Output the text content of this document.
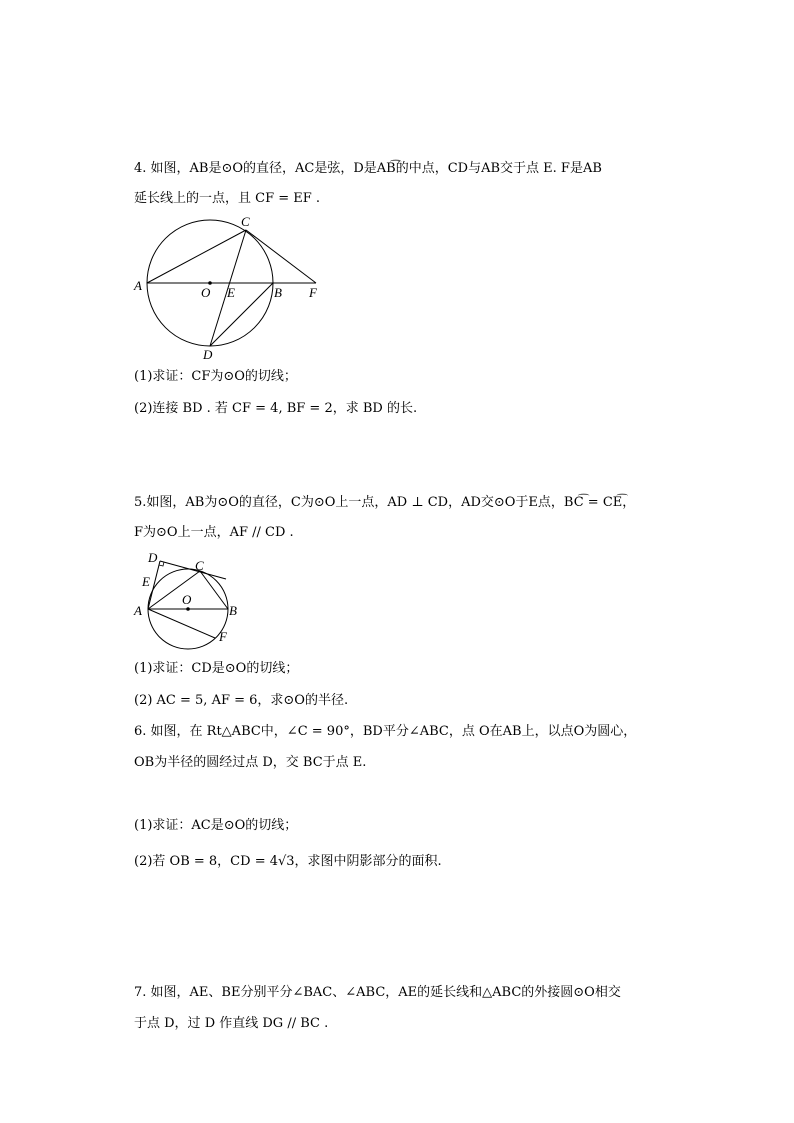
4. 如图，AB是⊙O的直径，AC是弦，D是AB͡的中点，CD与AB交于点 E. F是AB
延长线上的一点，且 CF = EF .
C
A	O E	B F
D
(1)求证：CF为⊙O的切线；
(2)连接 BD . 若 CF = 4, BF = 2，求 BD 的长.
5.如图，AB为⊙O的直径，C为⊙O上一点，AD ⊥ CD，AD交⊙O于E点，BC͡ = CE͡，
F为⊙O上一点，AF // CD .
D
C
E
O
A	B
F
(1)求证：CD是⊙O的切线；
(2) AC = 5, AF = 6，求⊙O的半径.
6. 如图，在 Rt△ABC中，∠C = 90°，BD平分∠ABC，点 O在AB上，以点O为圆心，
OB为半径的圆经过点 D，交 BC于点 E.
(1)求证：AC是⊙O的切线；
(2)若 OB = 8，CD = 4√3，求图中阴影部分的面积.
7. 如图，AE、BE分别平分∠BAC、∠ABC，AE的延长线和△ABC的外接圆⊙O相交
于点 D，过 D 作直线 DG // BC .
